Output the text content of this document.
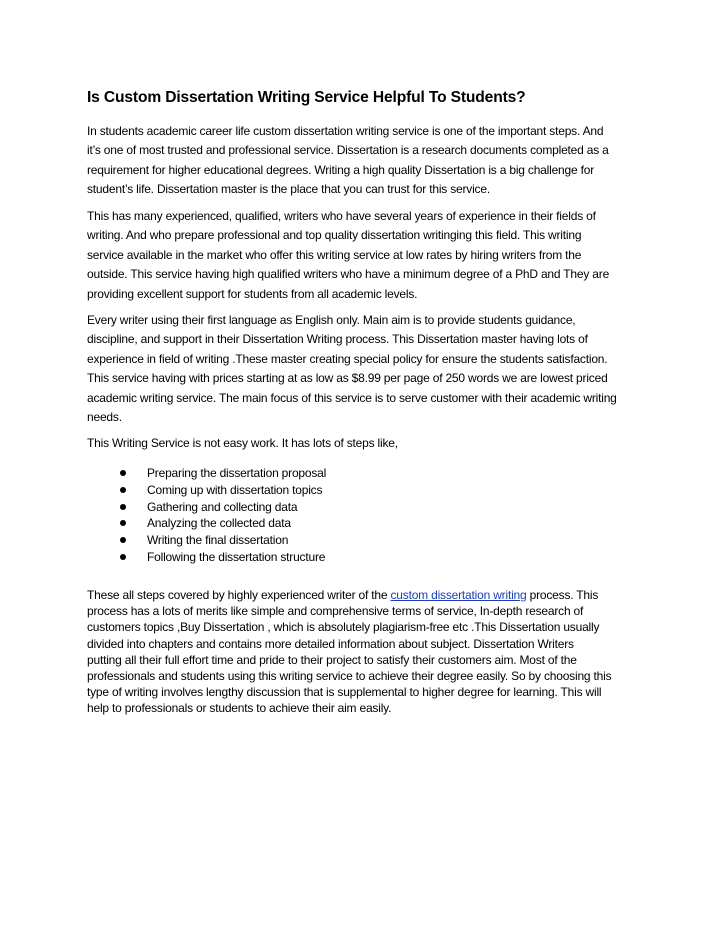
Is Custom Dissertation Writing Service Helpful To Students?
In students academic career life custom dissertation writing service is one of the important steps. And
it’s one of most trusted and professional service. Dissertation is a research documents completed as a
requirement for higher educational degrees. Writing a high quality Dissertation is a big challenge for
student’s life. Dissertation master is the place that you can trust for this service.
This has many experienced, qualified, writers who have several years of experience in their fields of
writing. And who prepare professional and top quality dissertation writinging this field. This writing
service available in the market who offer this writing service at low rates by hiring writers from the
outside. This service having high qualified writers who have a minimum degree of a PhD and They are
providing excellent support for students from all academic levels.
Every writer using their first language as English only. Main aim is to provide students guidance,
discipline, and support in their Dissertation Writing process. This Dissertation master having lots of
experience in field of writing .These master creating special policy for ensure the students satisfaction.
This service having with prices starting at as low as $8.99 per page of 250 words we are lowest priced
academic writing service. The main focus of this service is to serve customer with their academic writing
needs.
This Writing Service is not easy work. It has lots of steps like,
Preparing the dissertation proposal
Coming up with dissertation topics
Gathering and collecting data
Analyzing the collected data
Writing the final dissertation
Following the dissertation structure
These all steps covered by highly experienced writer of the custom dissertation writing process. This
process has a lots of merits like simple and comprehensive terms of service, In-depth research of
customers topics ,Buy Dissertation , which is absolutely plagiarism-free etc .This Dissertation usually
divided into chapters and contains more detailed information about subject. Dissertation Writers
putting all their full effort time and pride to their project to satisfy their customers aim. Most of the
professionals and students using this writing service to achieve their degree easily. So by choosing this
type of writing involves lengthy discussion that is supplemental to higher degree for learning. This will
help to professionals or students to achieve their aim easily.
